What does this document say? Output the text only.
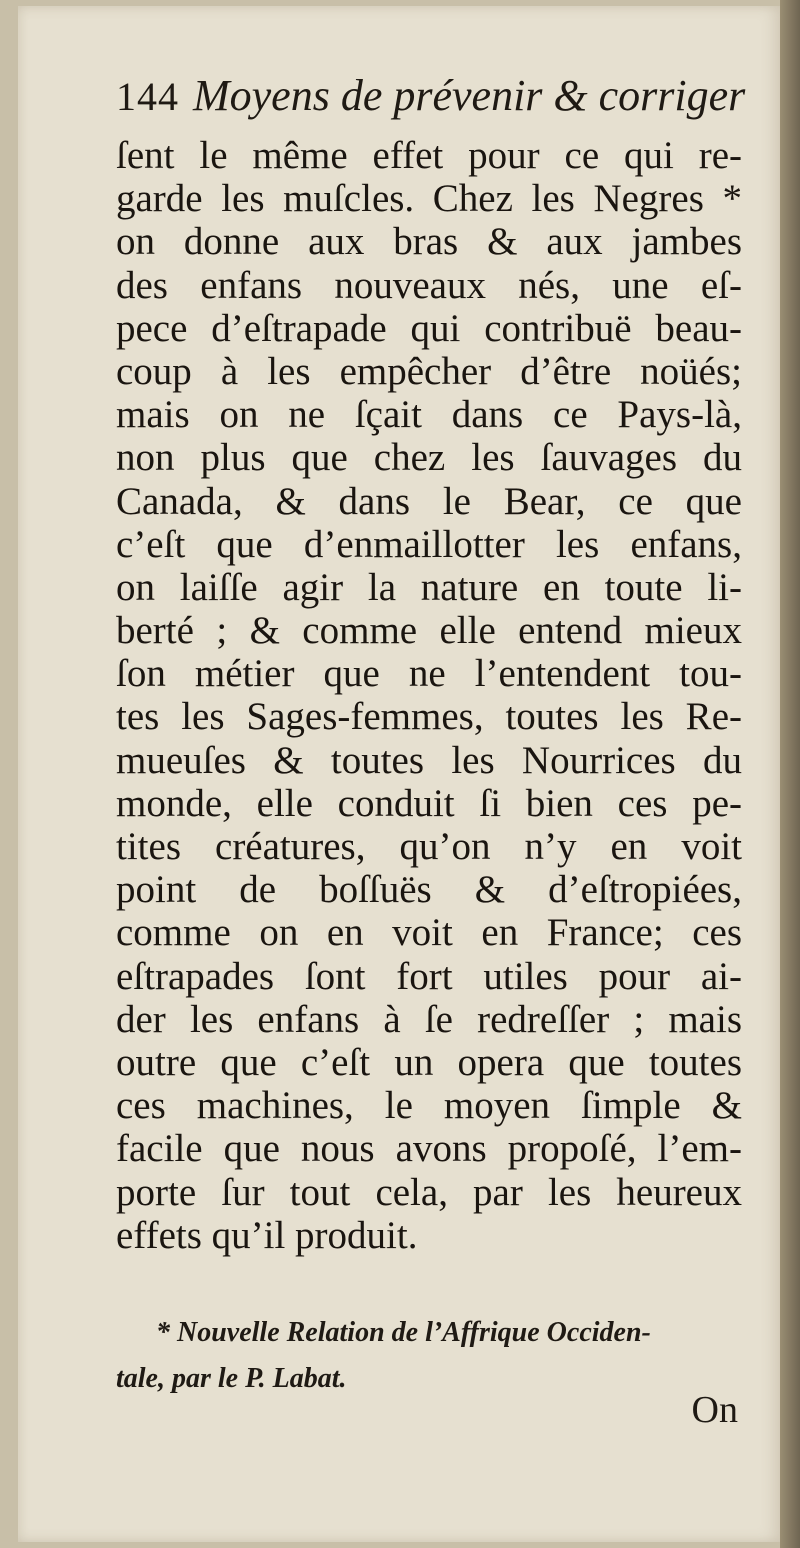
144 Moyens de prévenir & corriger
ſent le même effet pour ce qui re-
garde les muſcles. Chez les Negres *
on donne aux bras & aux jambes
des enfans nouveaux nés, une eſ-
pece d’eſtrapade qui contribuë beau-
coup à les empêcher d’être noüés;
mais on ne ſçait dans ce Pays-là,
non plus que chez les ſauvages du
Canada, & dans le Bear, ce que
c’eſt que d’enmaillotter les enfans,
on laiſſe agir la nature en toute li-
berté ; & comme elle entend mieux
ſon métier que ne l’entendent tou-
tes les Sages-femmes, toutes les Re-
mueuſes & toutes les Nourrices du
monde, elle conduit ſi bien ces pe-
tites créatures, qu’on n’y en voit
point de boſſuës & d’eſtropiées,
comme on en voit en France; ces
eſtrapades ſont fort utiles pour ai-
der les enfans à ſe redreſſer ; mais
outre que c’eſt un opera que toutes
ces machines, le moyen ſimple &
facile que nous avons propoſé, l’em-
porte ſur tout cela, par les heureux
effets qu’il produit.
* Nouvelle Relation de l’Affrique Occiden-
tale, par le P. Labat.
On
